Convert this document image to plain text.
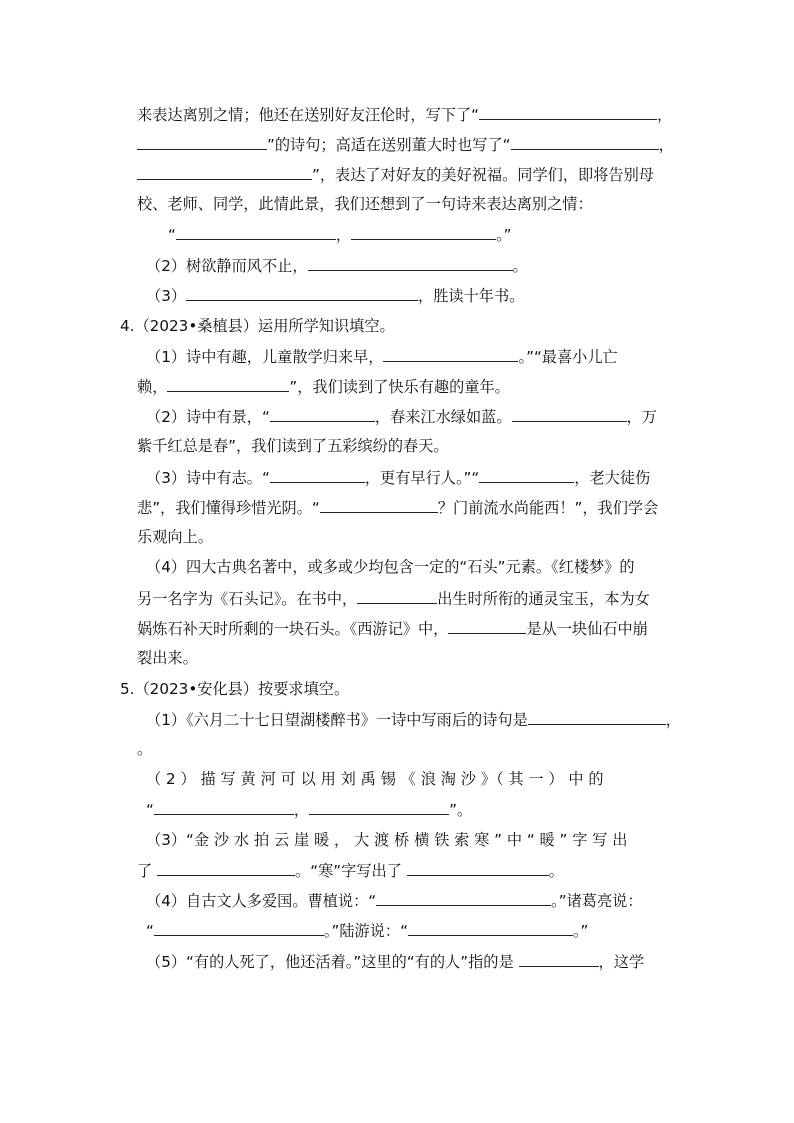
来表达离别之情；他还在送别好友汪伦时，写下了“	，
”的诗句；高适在送别董大时也写了“	，
”，表达了对好友的美好祝福。同学们，即将告别母
校、老师、同学，此情此景，我们还想到了一句诗来表达离别之情：
“	，	。”
（2）树欲静而风不止，	。
（3）	，胜读十年书。
4.（2023•桑植县）运用所学知识填空。
（1）诗中有趣，儿童散学归来早，	。”“最喜小儿亡
赖，	”，我们读到了快乐有趣的童年。
（2）诗中有景，“	，春来江水绿如蓝。	，万
紫千红总是春”，我们读到了五彩缤纷的春天。
（3）诗中有志。“	，更有早行人。”“	，老大徒伤
悲”，我们懂得珍惜光阴。“	？门前流水尚能西！”，我们学会
乐观向上。
（4）四大古典名著中，或多或少均包含一定的“石头”元素。《红楼梦》的
另一名字为《石头记》。在书中，	出生时所衔的通灵宝玉，本为女
娲炼石补天时所剩的一块石头。《西游记》中，	是从一块仙石中崩
裂出来。
5.（2023•安化县）按要求填空。
（1）《六月二十七日望湖楼醉书》一诗中写雨后的诗句是	，
。
（ 2 ） 描 写 黄 河 可 以 用 刘 禹 锡 《 浪 淘 沙 》（ 其 一 ） 中 的
“	，	”。
（3）“金 沙 水 拍 云 崖 暖 ， 大 渡 桥 横 铁 索 寒 ” 中 “ 暖 ” 字 写 出
了	。“寒”字写出了	。
（4）自古文人多爱国。曹植说：“	。”诸葛亮说：
“	。”陆游说：“	。”
（5）“有的人死了，他还活着。”这里的“有的人”指的是	，这学
